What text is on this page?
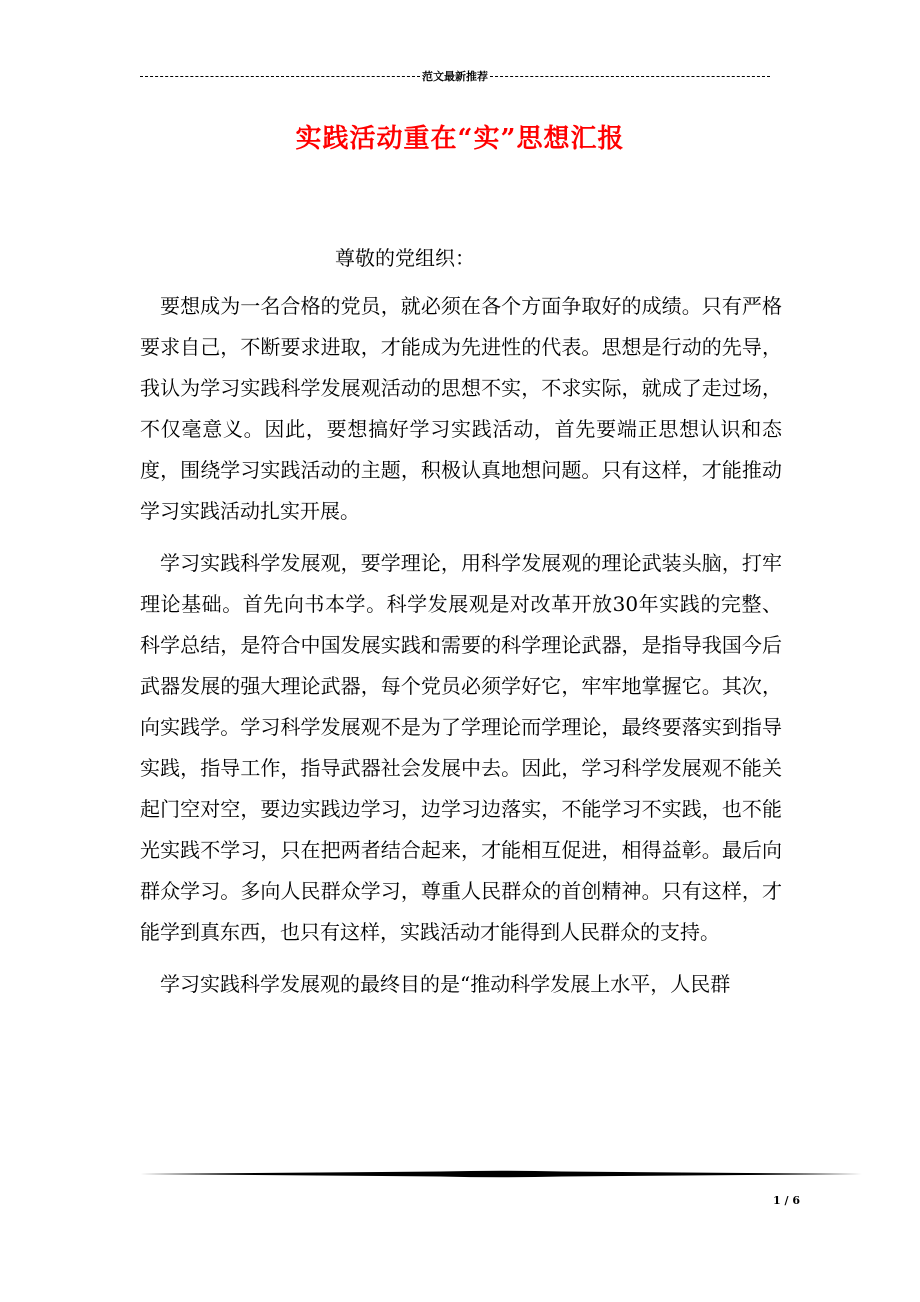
范文最新推荐
实践活动重在“实”思想汇报
尊敬的党组织：

要想成为一名合格的党员，就必须在各个方面争取好的成绩。只有严格要求自己，不断要求进取，才能成为先进性的代表。思想是行动的先导，我认为学习实践科学发展观活动的思想不实，不求实际，就成了走过场，不仅毫意义。因此，要想搞好学习实践活动，首先要端正思想认识和态度，围绕学习实践活动的主题，积极认真地想问题。只有这样，才能推动学习实践活动扎实开展。

学习实践科学发展观，要学理论，用科学发展观的理论武装头脑，打牢理论基础。首先向书本学。科学发展观是对改革开放30年实践的完整、科学总结，是符合中国发展实践和需要的科学理论武器，是指导我国今后武器发展的强大理论武器，每个党员必须学好它，牢牢地掌握它。其次，向实践学。学习科学发展观不是为了学理论而学理论，最终要落实到指导实践，指导工作，指导武器社会发展中去。因此，学习科学发展观不能关起门空对空，要边实践边学习，边学习边落实，不能学习不实践，也不能光实践不学习，只在把两者结合起来，才能相互促进，相得益彰。最后向群众学习。多向人民群众学习，尊重人民群众的首创精神。只有这样，才能学到真东西，也只有这样，实践活动才能得到人民群众的支持。

学习实践科学发展观的最终目的是“推动科学发展上水平，人民群

1 / 6
